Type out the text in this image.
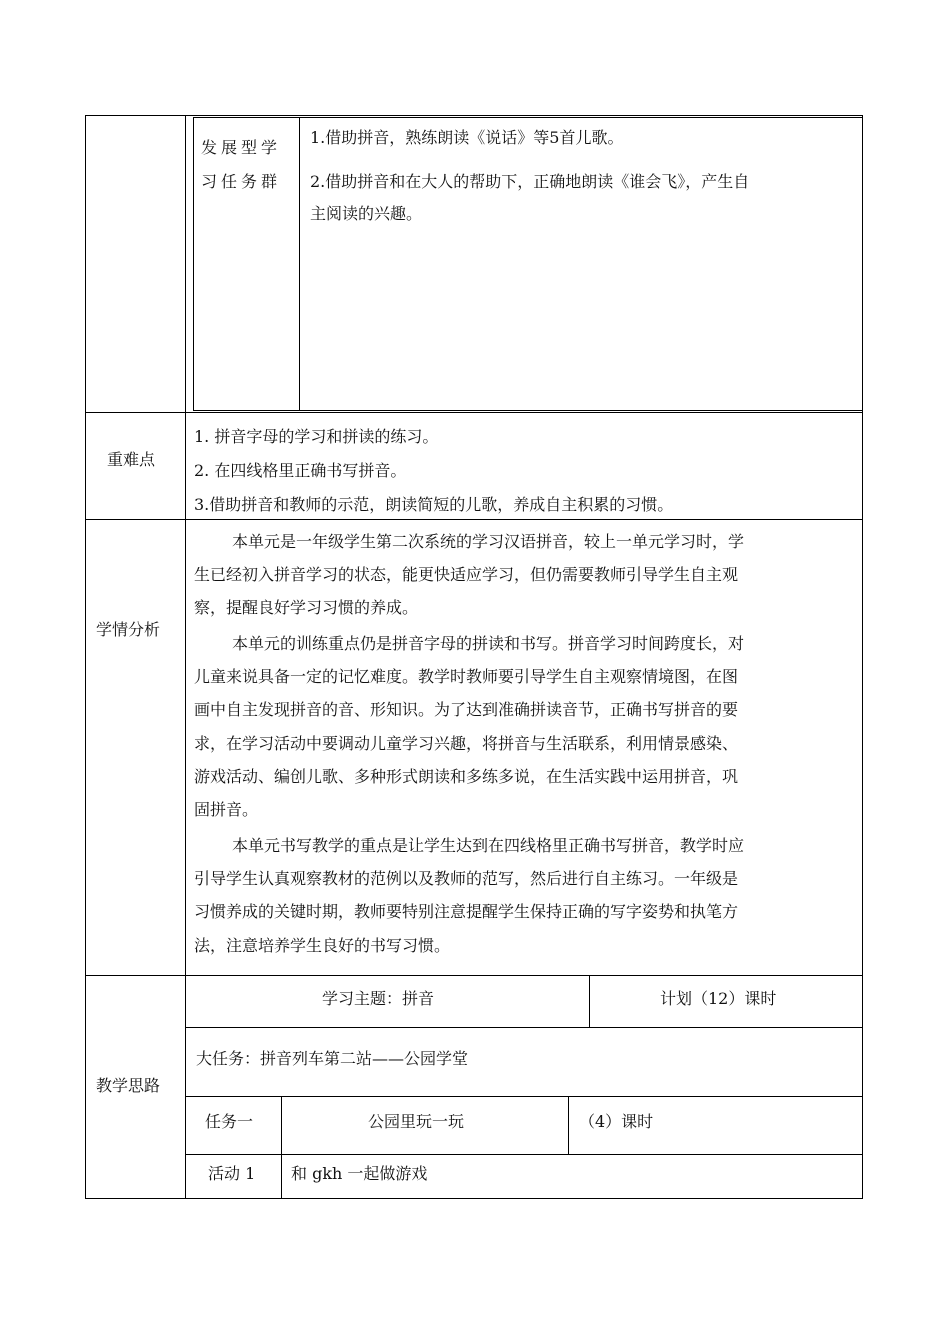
发展型学
习任务群
1.借助拼音，熟练朗读《说话》等5首儿歌。
2.借助拼音和在大人的帮助下，正确地朗读《谁会飞》，产生自
主阅读的兴趣。
重难点
1. 拼音字母的学习和拼读的练习。
2. 在四线格里正确书写拼音。
3.借助拼音和教师的示范，朗读简短的儿歌，养成自主积累的习惯。
学情分析
本单元是一年级学生第二次系统的学习汉语拼音，较上一单元学习时，学
生已经初入拼音学习的状态，能更快适应学习，但仍需要教师引导学生自主观
察，提醒良好学习习惯的养成。
本单元的训练重点仍是拼音字母的拼读和书写。拼音学习时间跨度长，对
儿童来说具备一定的记忆难度。教学时教师要引导学生自主观察情境图，在图
画中自主发现拼音的音、形知识。为了达到准确拼读音节，正确书写拼音的要
求，在学习活动中要调动儿童学习兴趣，将拼音与生活联系，利用情景感染、
游戏活动、编创儿歌、多种形式朗读和多练多说，在生活实践中运用拼音，巩
固拼音。
本单元书写教学的重点是让学生达到在四线格里正确书写拼音，教学时应
引导学生认真观察教材的范例以及教师的范写，然后进行自主练习。一年级是
习惯养成的关键时期，教师要特别注意提醒学生保持正确的写字姿势和执笔方
法，注意培养学生良好的书写习惯。
教学思路
学习主题：拼音	计划（12）课时
大任务：拼音列车第二站——公园学堂
任务一	公园里玩一玩	（4）课时
活动 1 和 gkh 一起做游戏
